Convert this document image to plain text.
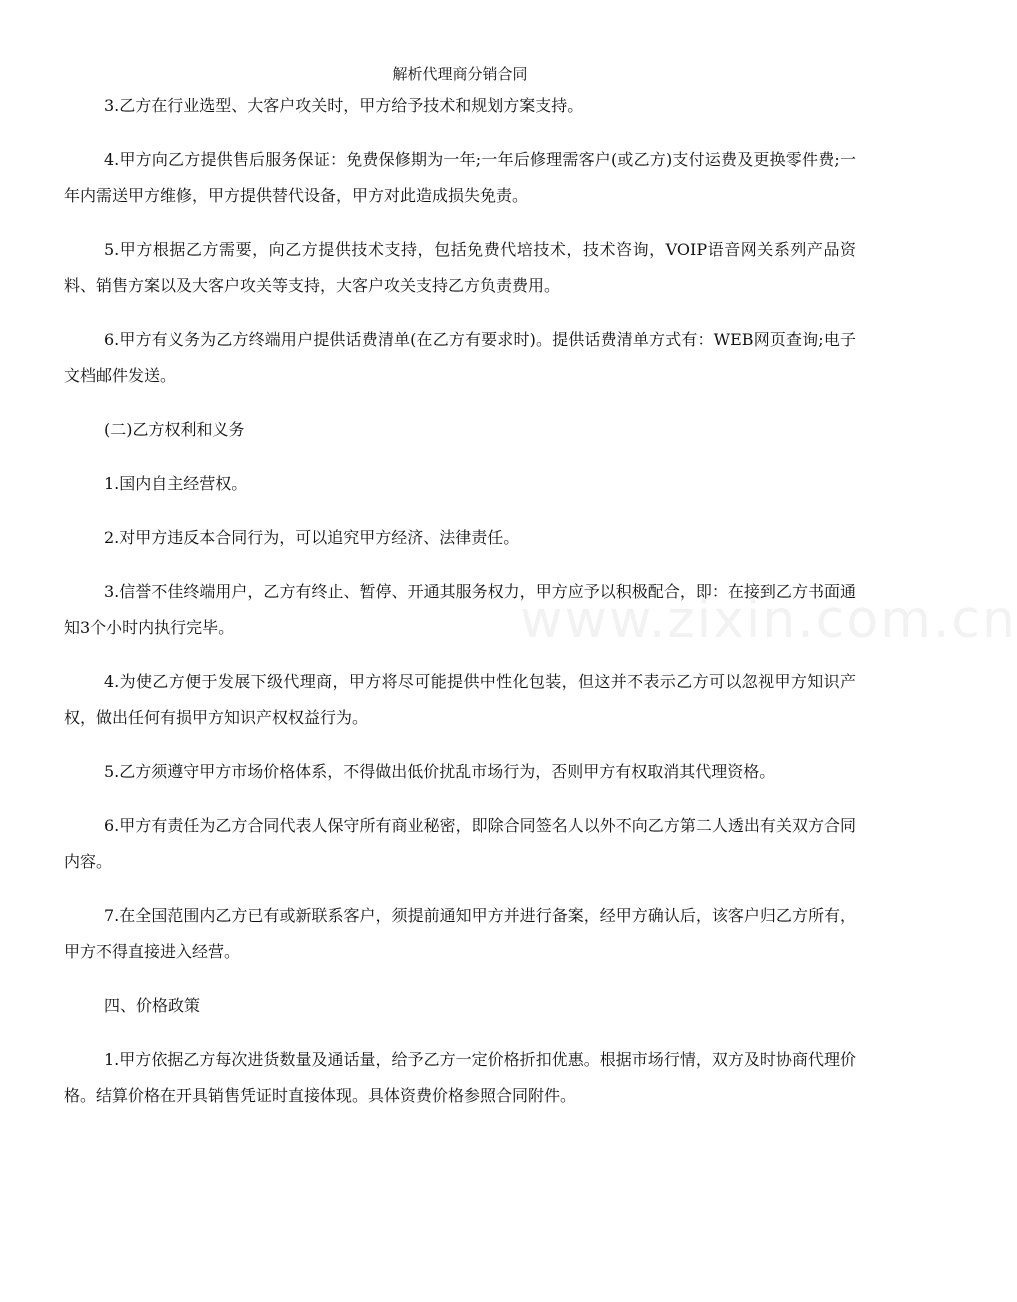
解析代理商分销合同
www.zixin.com.cn

3.乙方在行业选型、大客户攻关时，甲方给予技术和规划方案支持。

4.甲方向乙方提供售后服务保证：免费保修期为一年;一年后修理需客户(或乙方)支付运费及更换零件费;一年内需送甲方维修，甲方提供替代设备，甲方对此造成损失免责。

5.甲方根据乙方需要，向乙方提供技术支持，包括免费代培技术，技术咨询，VOIP语音网关系列产品资料、销售方案以及大客户攻关等支持，大客户攻关支持乙方负责费用。

6.甲方有义务为乙方终端用户提供话费清单(在乙方有要求时)。提供话费清单方式有：WEB网页查询;电子文档邮件发送。

(二)乙方权利和义务

1.国内自主经营权。

2.对甲方违反本合同行为，可以追究甲方经济、法律责任。

3.信誉不佳终端用户，乙方有终止、暂停、开通其服务权力，甲方应予以积极配合，即：在接到乙方书面通知3个小时内执行完毕。

4.为使乙方便于发展下级代理商，甲方将尽可能提供中性化包装，但这并不表示乙方可以忽视甲方知识产权，做出任何有损甲方知识产权权益行为。

5.乙方须遵守甲方市场价格体系，不得做出低价扰乱市场行为，否则甲方有权取消其代理资格。

6.甲方有责任为乙方合同代表人保守所有商业秘密，即除合同签名人以外不向乙方第二人透出有关双方合同内容。

7.在全国范围内乙方已有或新联系客户，须提前通知甲方并进行备案，经甲方确认后，该客户归乙方所有，甲方不得直接进入经营。

四、价格政策

1.甲方依据乙方每次进货数量及通话量，给予乙方一定价格折扣优惠。根据市场行情，双方及时协商代理价格。结算价格在开具销售凭证时直接体现。具体资费价格参照合同附件。
